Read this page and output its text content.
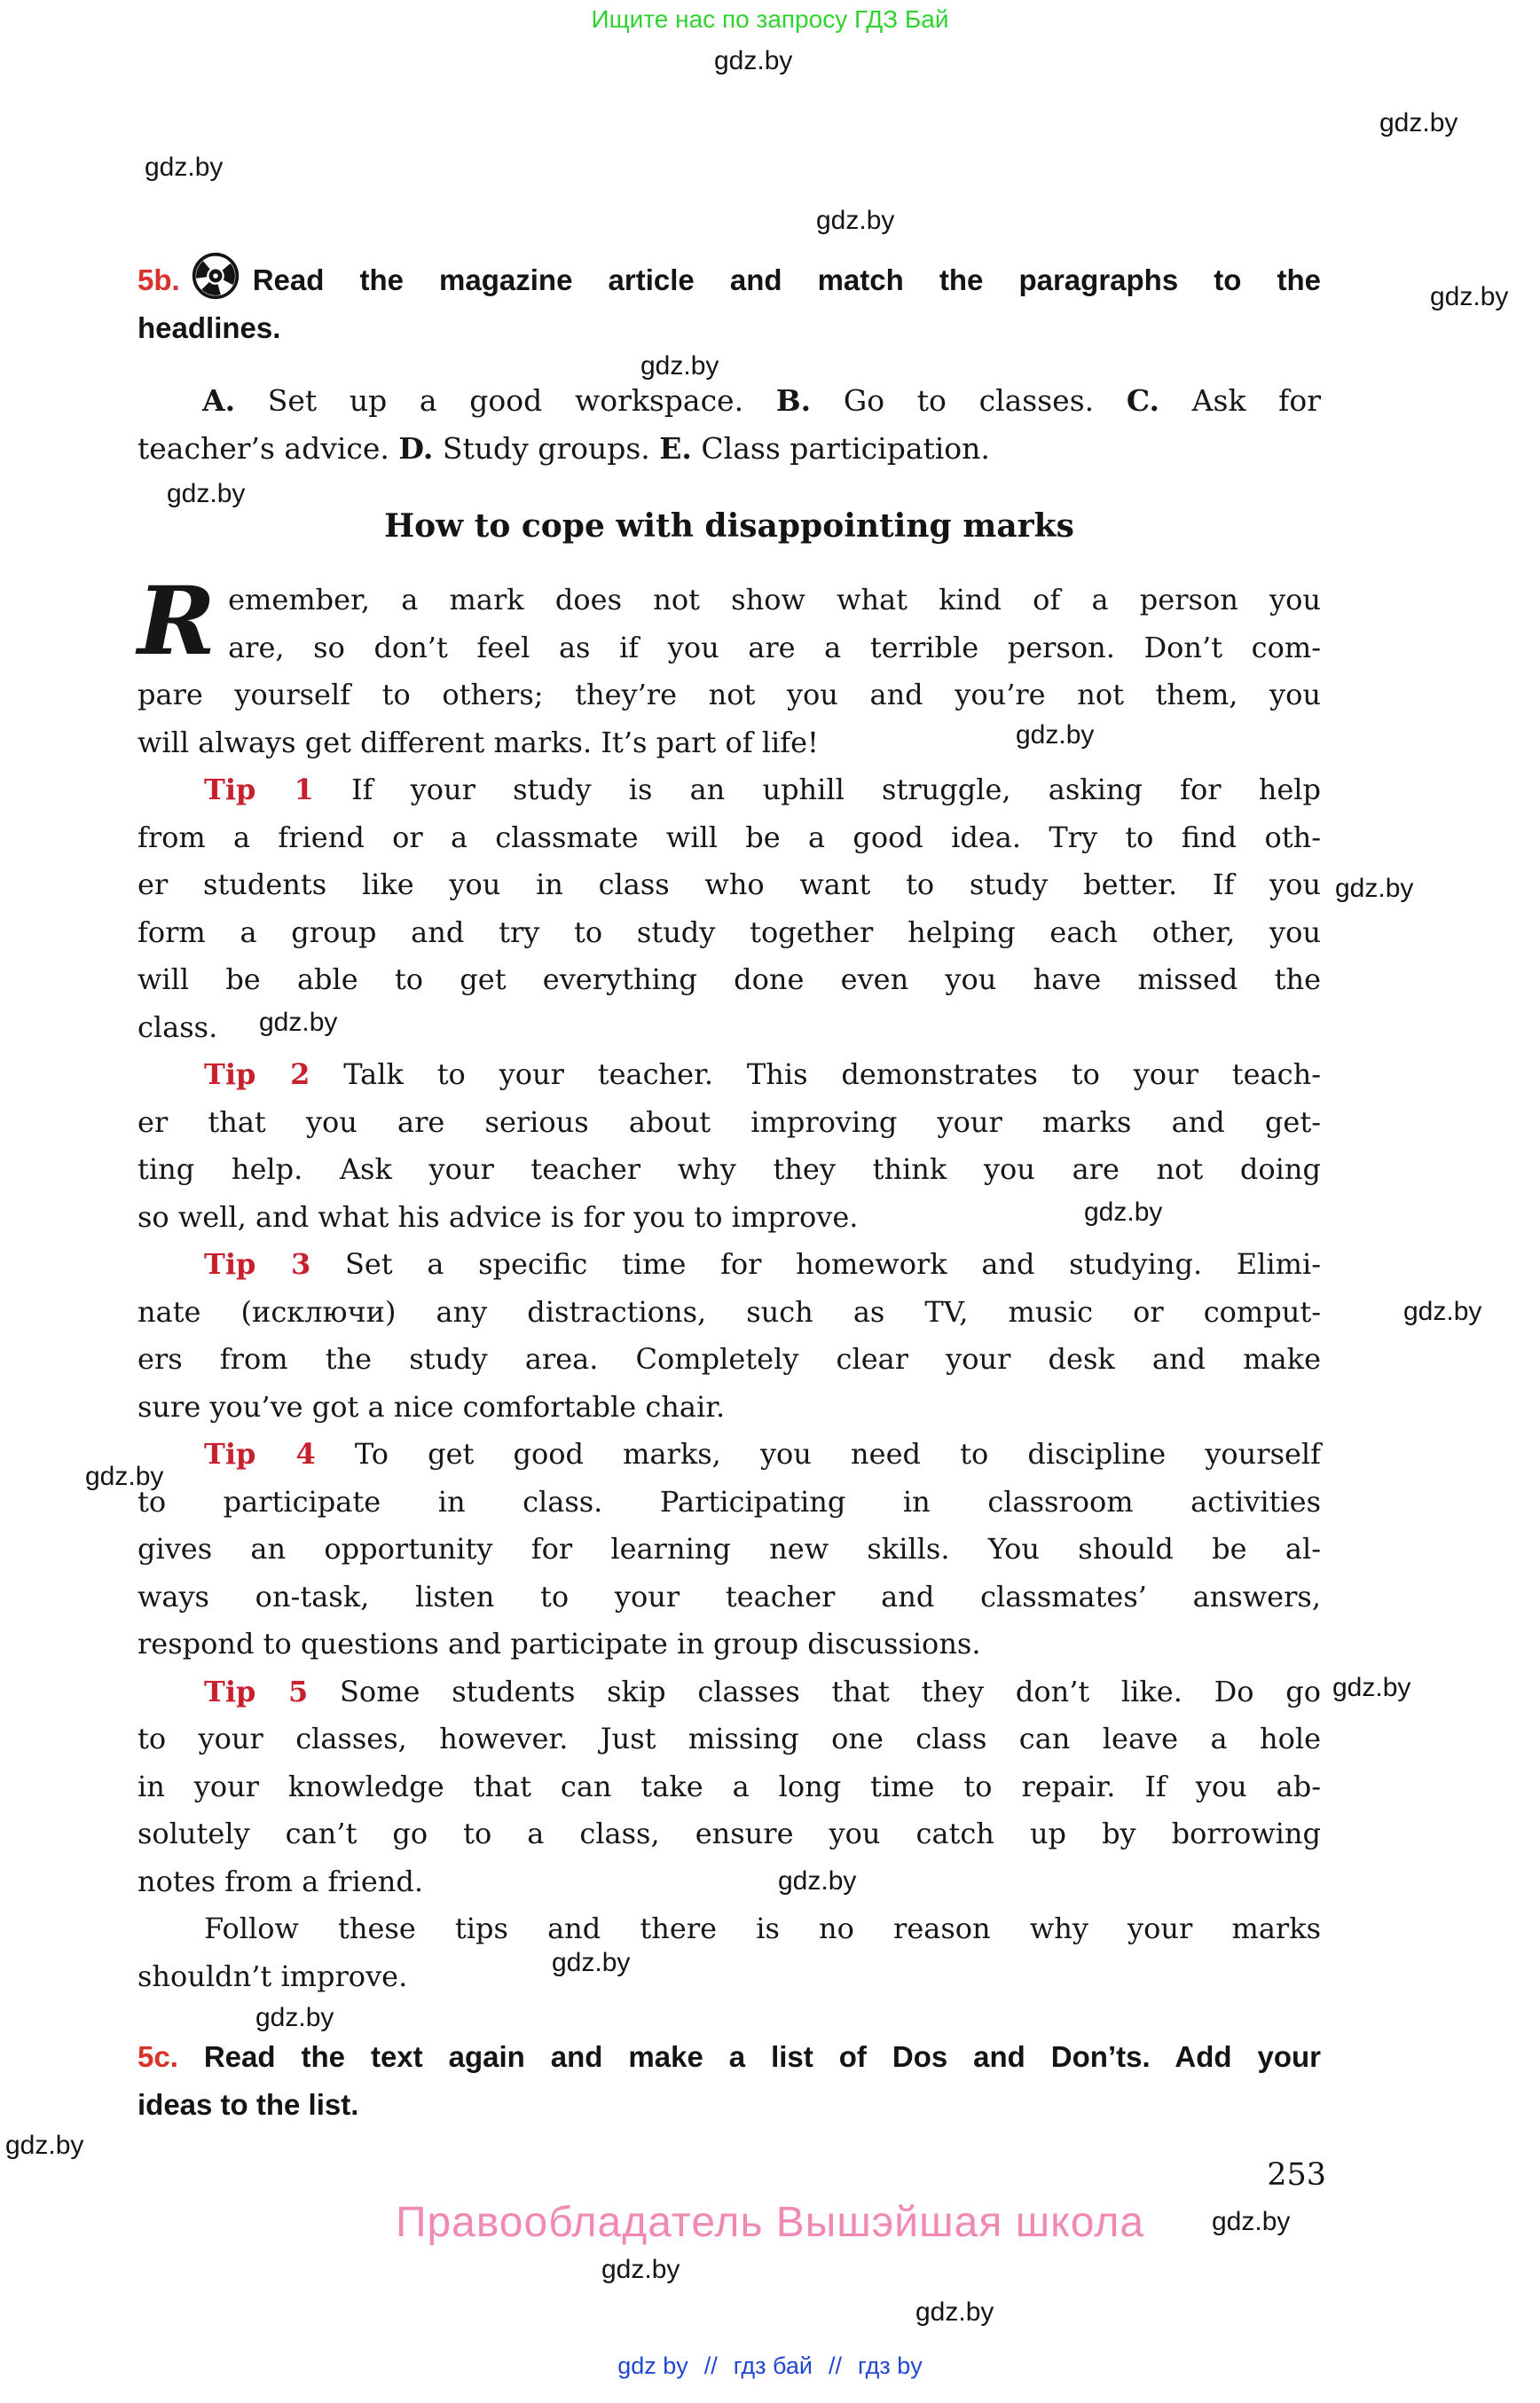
Ищите нас по запросу ГДЗ Бай
gdz.by
gdz.by
gdz.by
gdz.by
gdz.by
gdz.by
gdz.by
gdz.by
gdz.by
gdz.by
gdz.by
gdz.by
gdz.by
gdz.by
gdz.by
gdz.by
gdz.by
gdz.by
gdz.by
gdz.by
gdz.by
5b. Read the magazine article and match the paragraphs to the
headlines.
A. Set up a good workspace. B. Go to classes. C. Ask for
teacher’s advice. D. Study groups. E. Class participation.
How to cope with disappointing marks
R emember, a mark does not show what kind of a person you
are, so don’t feel as if you are a terrible person. Don’t com-
pare yourself to others; they’re not you and you’re not them, you
will always get different marks. It’s part of life!
Tip 1 If your study is an uphill struggle, asking for help
from a friend or a classmate will be a good idea. Try to find oth-
er students like you in class who want to study better. If you
form a group and try to study together helping each other, you
will be able to get everything done even you have missed the
class.
Tip 2 Talk to your teacher. This demonstrates to your teach-
er that you are serious about improving your marks and get-
ting help. Ask your teacher why they think you are not doing
so well, and what his advice is for you to improve.
Tip 3 Set a specific time for homework and studying. Elimi-
nate (исключи) any distractions, such as TV, music or comput-
ers from the study area. Completely clear your desk and make
sure you’ve got a nice comfortable chair.
Tip 4 To get good marks, you need to discipline yourself
to participate in class. Participating in classroom activities
gives an opportunity for learning new skills. You should be al-
ways on-task, listen to your teacher and classmates’ answers,
respond to questions and participate in group discussions.
Tip 5 Some students skip classes that they don’t like. Do go
to your classes, however. Just missing one class can leave a hole
in your knowledge that can take a long time to repair. If you ab-
solutely can’t go to a class, ensure you catch up by borrowing
notes from a friend.
Follow these tips and there is no reason why your marks
shouldn’t improve.
5c. Read the text again and make a list of Dos and Don’ts. Add your
ideas to the list.
253
Правообладатель Вышэйшая школа
gdz by // гдз бай // гдз by
